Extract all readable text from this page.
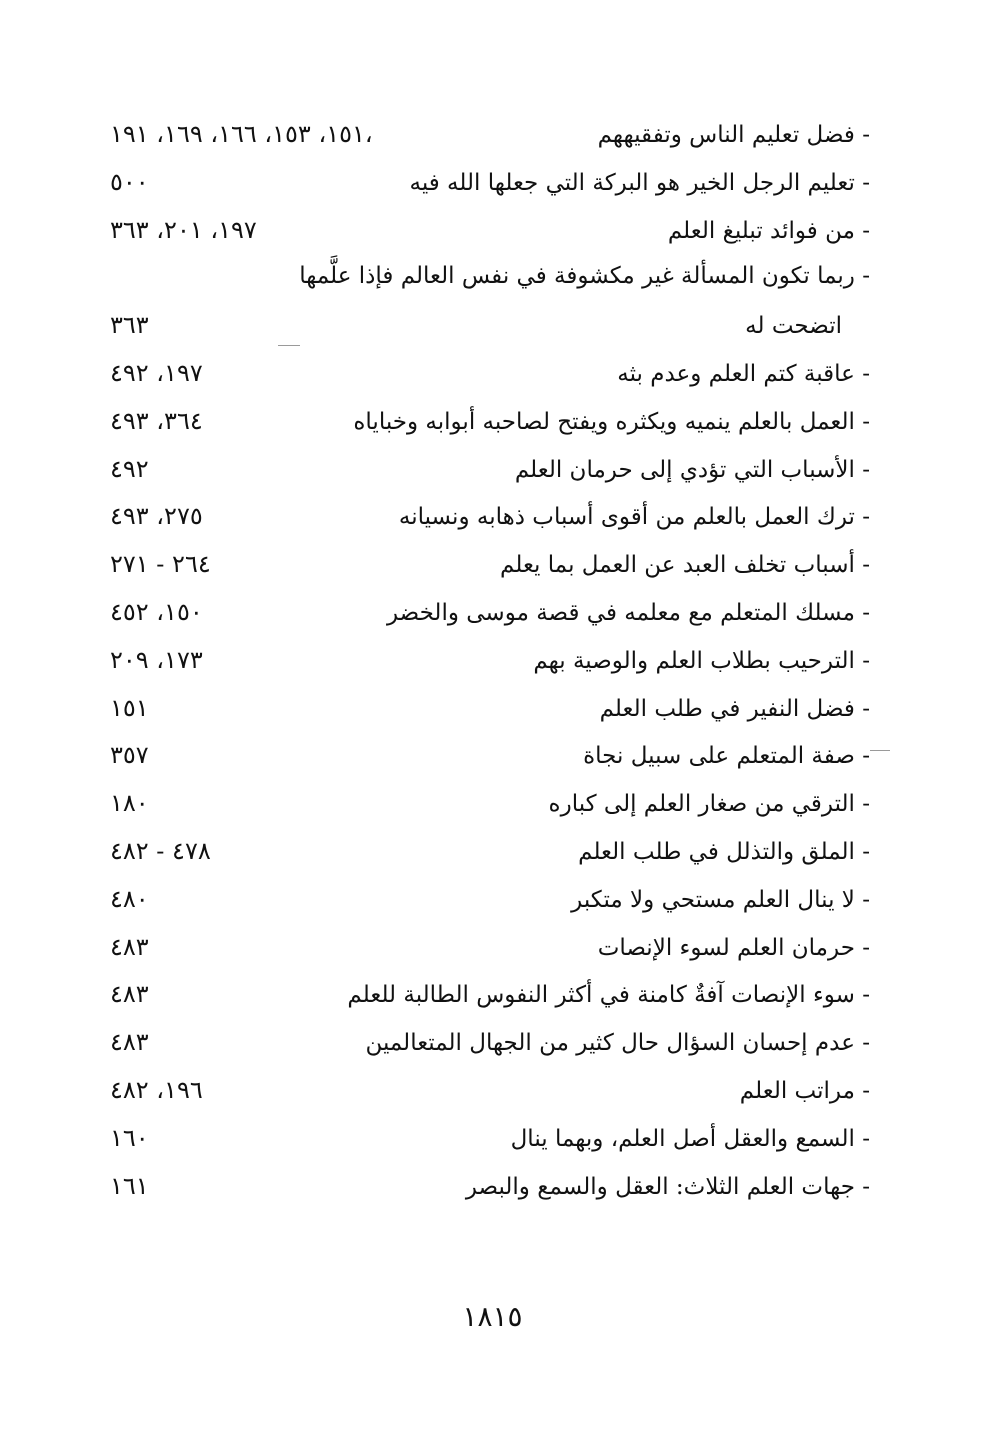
١٥١، ١٥٣، ١٦٦، ١٦٩، ١٩١،	- فضل تعليم الناس وتفقيههم
٥٠٠	- تعليم الرجل الخير هو البركة التي جعلها الله فيه
١٩٧، ٢٠١، ٣٦٣	- من فوائد تبليغ العلم
- ربما تكون المسألة غير مكشوفة في نفس العالم فإذا علَّمها
٣٦٣	اتضحت له
١٩٧، ٤٩٢	- عاقبة كتم العلم وعدم بثه
٣٦٤، ٤٩٣	- العمل بالعلم ينميه ويكثره ويفتح لصاحبه أبوابه وخباياه
٤٩٢	- الأسباب التي تؤدي إلى حرمان العلم
٢٧٥، ٤٩٣	- ترك العمل بالعلم من أقوى أسباب ذهابه ونسيانه
٢٦٤ - ٢٧١	- أسباب تخلف العبد عن العمل بما يعلم
١٥٠، ٤٥٢	- مسلك المتعلم مع معلمه في قصة موسى والخضر
١٧٣، ٢٠٩	- الترحيب بطلاب العلم والوصية بهم
١٥١	- فضل النفير في طلب العلم
٣٥٧	- صفة المتعلم على سبيل نجاة
١٨٠	- الترقي من صغار العلم إلى كباره
٤٧٨ - ٤٨٢	- الملق والتذلل في طلب العلم
٤٨٠	- لا ينال العلم مستحي ولا متكبر
٤٨٣	- حرمان العلم لسوء الإنصات
٤٨٣	- سوء الإنصات آفةٌ كامنة في أكثر النفوس الطالبة للعلم
٤٨٣	- عدم إحسان السؤال حال كثير من الجهال المتعالمين
١٩٦، ٤٨٢	- مراتب العلم
١٦٠	- السمع والعقل أصل العلم، وبهما ينال
١٦١	- جهات العلم الثلاث: العقل والسمع والبصر
١٨١٥
